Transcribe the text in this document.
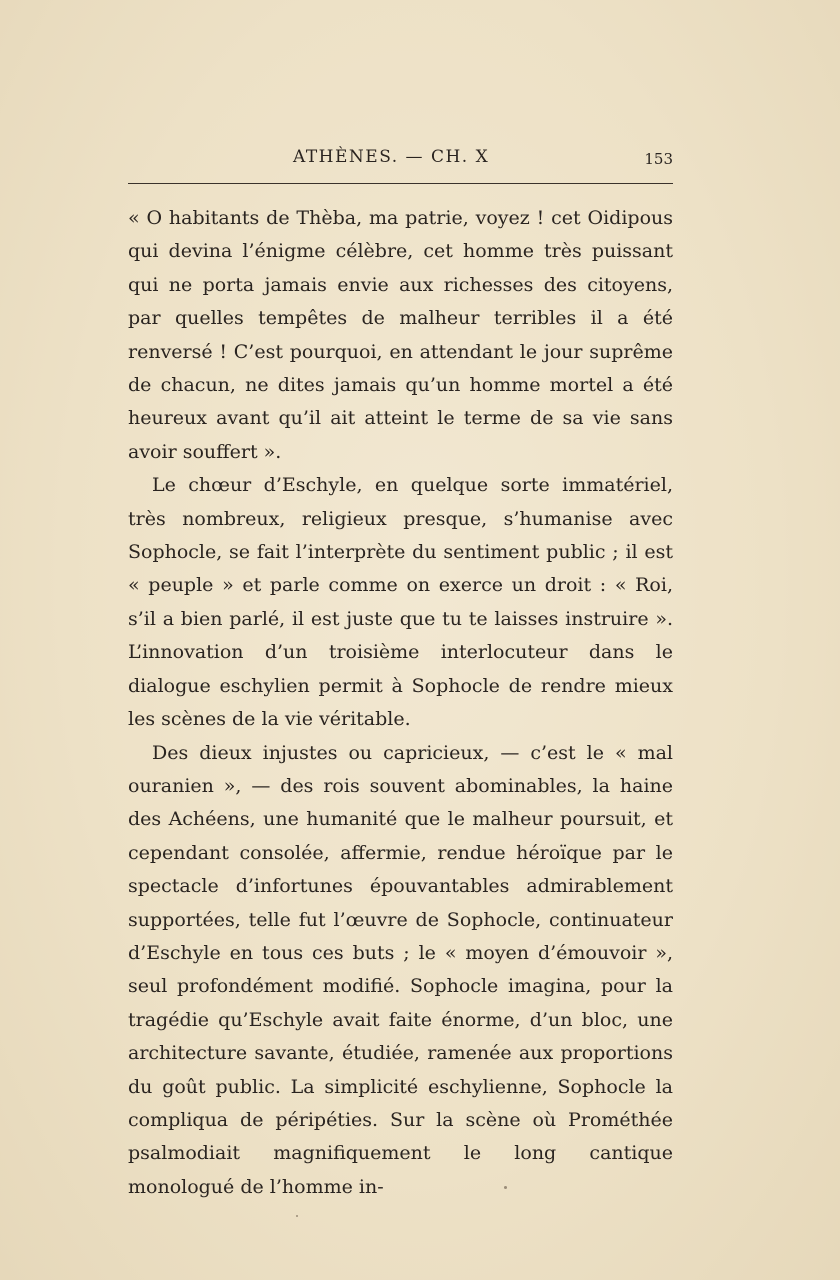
ATHÈNES. — CH. X	153

« O habitants de Thèba, ma patrie, voyez ! cet Oidipous qui devina l’énigme célèbre, cet homme très puissant qui ne porta jamais envie aux richesses des citoyens, par quelles tempêtes de malheur terribles il a été renversé ! C’est pourquoi, en attendant le jour suprême de chacun, ne dites jamais qu’un homme mortel a été heureux avant qu’il ait atteint le terme de sa vie sans avoir souffert ».

Le chœur d’Eschyle, en quelque sorte immatériel, très nombreux, religieux presque, s’humanise avec Sophocle, se fait l’interprète du sentiment public ; il est « peuple » et parle comme on exerce un droit : « Roi, s’il a bien parlé, il est juste que tu te laisses instruire ». L’innovation d’un troisième interlocuteur dans le dialogue eschylien permit à Sophocle de rendre mieux les scènes de la vie véritable.

Des dieux injustes ou capricieux, — c’est le « mal ouranien », — des rois souvent abominables, la haine des Achéens, une humanité que le malheur poursuit, et cependant consolée, affermie, rendue héroïque par le spectacle d’infortunes épouvantables admirablement supportées, telle fut l’œuvre de Sophocle, continuateur d’Eschyle en tous ces buts ; le « moyen d’émouvoir », seul profondément modifié. Sophocle imagina, pour la tragédie qu’Eschyle avait faite énorme, d’un bloc, une architecture savante, étudiée, ramenée aux proportions du goût public. La simplicité eschylienne, Sophocle la compliqua de péripéties. Sur la scène où Prométhée psalmodiait magnifiquement le long cantique monologué de l’homme in-
